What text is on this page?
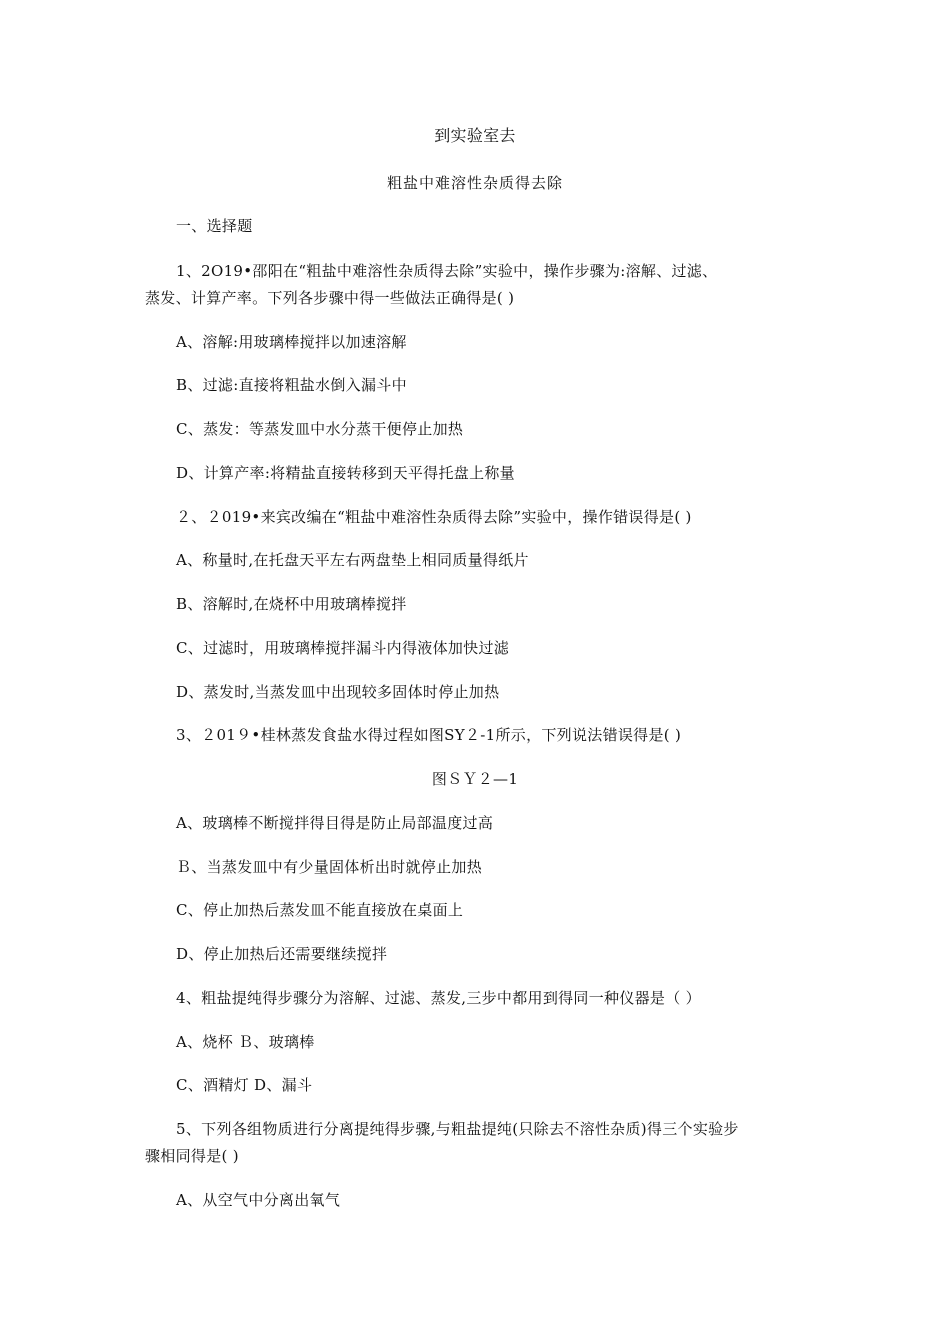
到实验室去
粗盐中难溶性杂质得去除
一、选择题
1、2O19•邵阳在“粗盐中难溶性杂质得去除”实验中，操作步骤为:溶解、过滤、
蒸发、计算产率。下列各步骤中得一些做法正确得是( )
A、溶解:用玻璃棒搅拌以加速溶解
B、过滤:直接将粗盐水倒入漏斗中
C、蒸发：等蒸发皿中水分蒸干便停止加热
D、计算产率:将精盐直接转移到天平得托盘上称量
２、２019•来宾改编在“粗盐中难溶性杂质得去除”实验中，操作错误得是( )
A、称量时,在托盘天平左右两盘垫上相同质量得纸片
B、溶解时,在烧杯中用玻璃棒搅拌
C、过滤时，用玻璃棒搅拌漏斗内得液体加快过滤
D、蒸发时,当蒸发皿中出现较多固体时停止加热
3、２01９•桂林蒸发食盐水得过程如图SY２-1所示，下列说法错误得是( )
图ＳＹ２—1
A、玻璃棒不断搅拌得目得是防止局部温度过高
Ｂ、当蒸发皿中有少量固体析出时就停止加热
C、停止加热后蒸发皿不能直接放在桌面上
D、停止加热后还需要继续搅拌
4、粗盐提纯得步骤分为溶解、过滤、蒸发,三步中都用到得同一种仪器是（ ）
A、烧杯 Ｂ、玻璃棒
C、酒精灯 D、漏斗
5、下列各组物质进行分离提纯得步骤,与粗盐提纯(只除去不溶性杂质)得三个实验步
骤相同得是( )
A、从空气中分离出氧气
